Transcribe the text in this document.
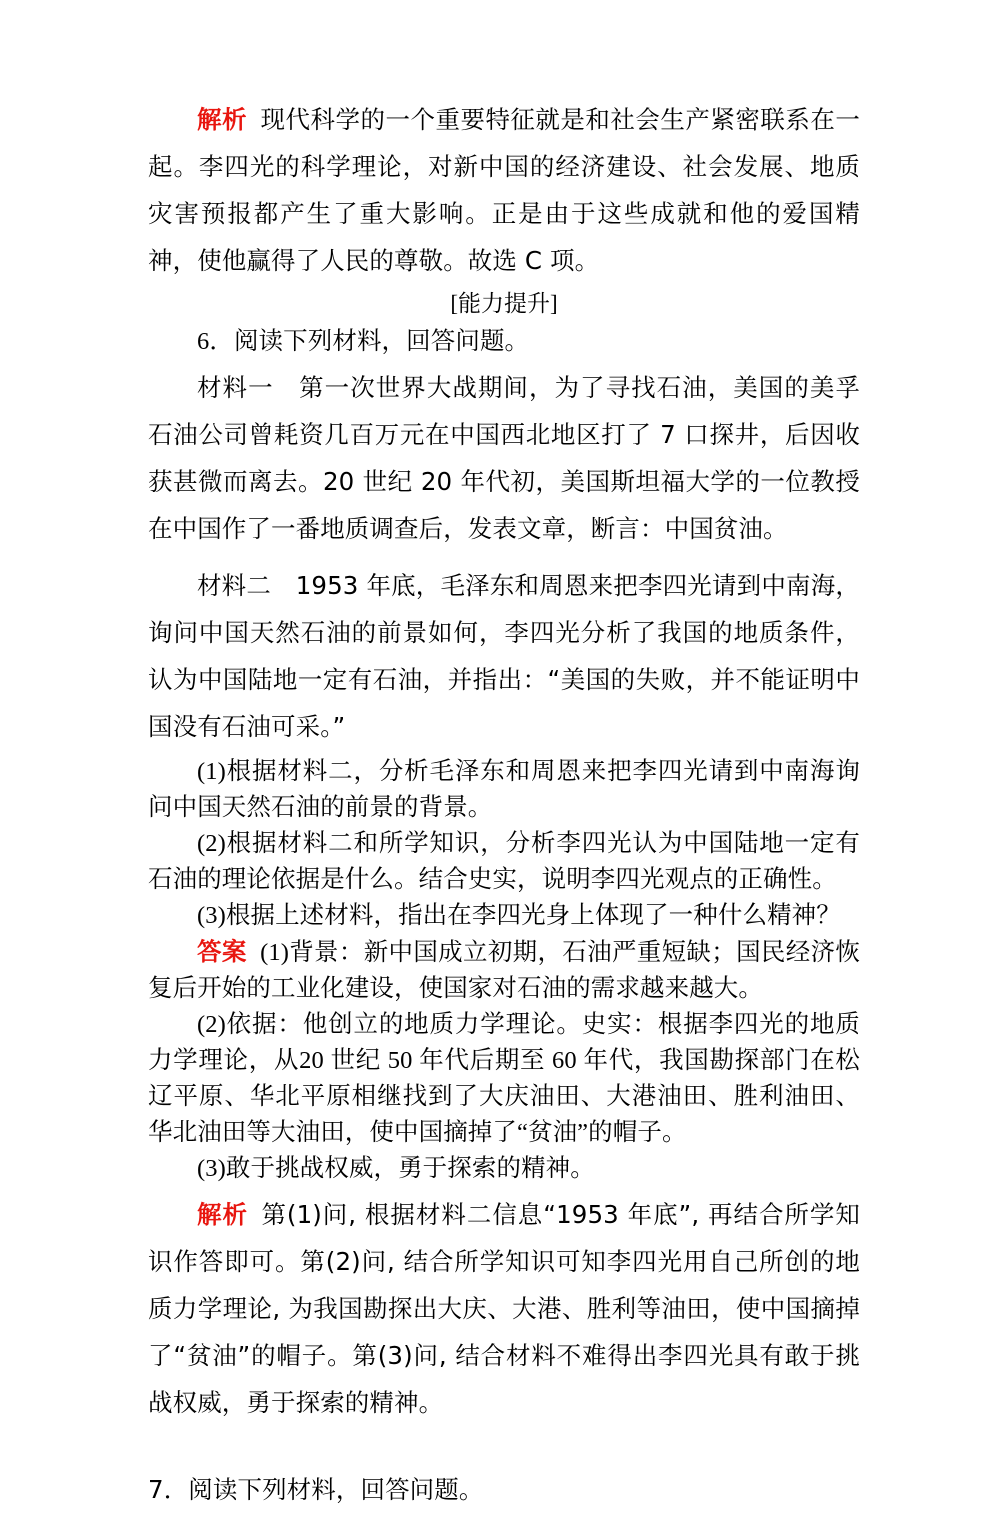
解析 现代科学的一个重要特征就是和社会生产紧密联系在一起。李四光的科学理论，对新中国的经济建设、社会发展、地质灾害预报都产生了重大影响。正是由于这些成就和他的爱国精神，使他赢得了人民的尊敬。故选 C 项。

[能力提升]

6．阅读下列材料，回答问题。

材料一　第一次世界大战期间，为了寻找石油，美国的美孚石油公司曾耗资几百万元在中国西北地区打了 7 口探井，后因收获甚微而离去。20 世纪 20 年代初，美国斯坦福大学的一位教授在中国作了一番地质调查后，发表文章，断言：中国贫油。

材料二　1953 年底，毛泽东和周恩来把李四光请到中南海，询问中国天然石油的前景如何，李四光分析了我国的地质条件，认为中国陆地一定有石油，并指出：“美国的失败，并不能证明中国没有石油可采。”

(1)根据材料二，分析毛泽东和周恩来把李四光请到中南海询问中国天然石油的前景的背景。

(2)根据材料二和所学知识，分析李四光认为中国陆地一定有石油的理论依据是什么。结合史实，说明李四光观点的正确性。

(3)根据上述材料，指出在李四光身上体现了一种什么精神？

答案 (1)背景：新中国成立初期，石油严重短缺；国民经济恢复后开始的工业化建设，使国家对石油的需求越来越大。

(2)依据：他创立的地质力学理论。史实：根据李四光的地质力学理论，从20 世纪 50 年代后期至 60 年代，我国勘探部门在松辽平原、华北平原相继找到了大庆油田、大港油田、胜利油田、华北油田等大油田，使中国摘掉了“贫油”的帽子。

(3)敢于挑战权威，勇于探索的精神。

解析 第(1)问, 根据材料二信息“1953 年底”, 再结合所学知识作答即可。第(2)问, 结合所学知识可知李四光用自己所创的地质力学理论, 为我国勘探出大庆、大港、胜利等油田，使中国摘掉了“贫油”的帽子。第(3)问, 结合材料不难得出李四光具有敢于挑战权威，勇于探索的精神。

7．阅读下列材料，回答问题。
